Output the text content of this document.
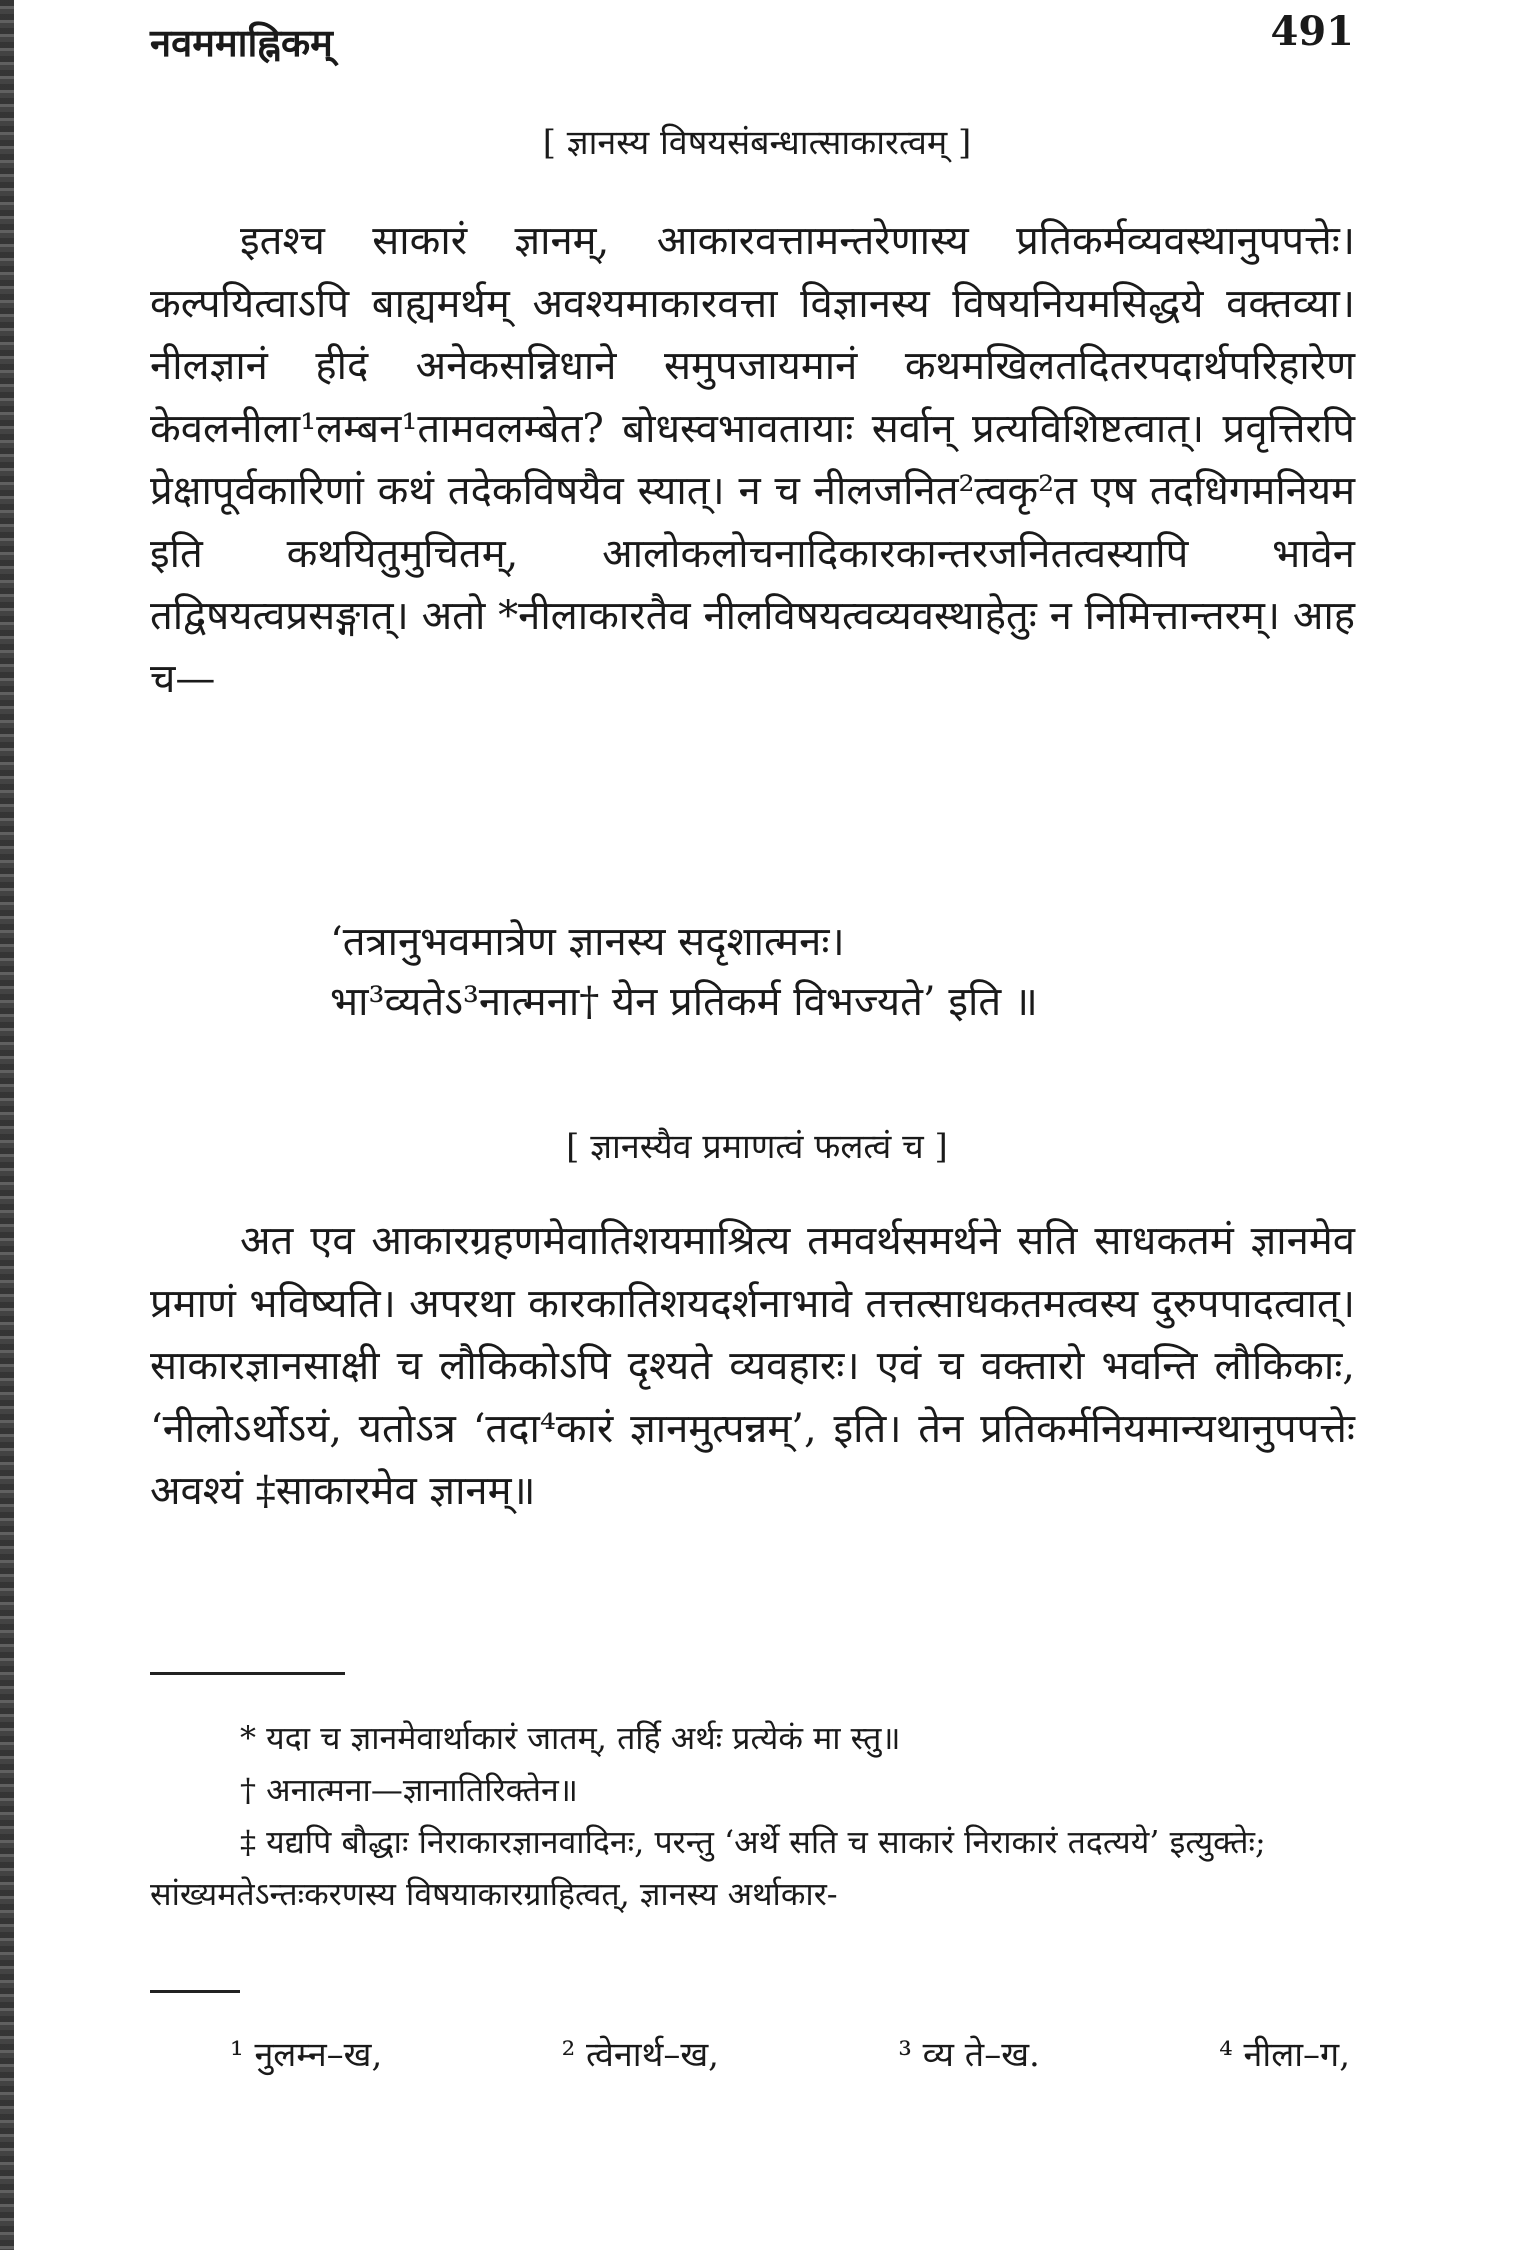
नवममाह्निकम्	491
[ ज्ञानस्य विषयसंबन्धात्साकारत्वम् ]

इतश्च साकारं ज्ञानम्, आकारवत्तामन्तरेणास्य प्रतिकर्मव्यवस्थानुपपत्तेः। कल्पयित्वाऽपि बाह्यमर्थम् अवश्यमाकारवत्ता विज्ञानस्य विषयनियमसिद्धये वक्तव्या। नीलज्ञानं हीदं अनेकसन्निधाने समुपजायमानं कथमखिलतदितरपदार्थपरिहारेण केवलनीला¹लम्बन¹तामवलम्बेत? बोधस्वभावतायाः सर्वान् प्रत्यविशिष्टत्वात्। प्रवृत्तिरपि प्रेक्षापूर्वकारिणां कथं तदेकविषयैव स्यात्। न च नीलजनित²त्वकृ²त एष तदधिगमनियम इति कथयितुमुचितम्, आलोकलोचनादिकारकान्तरजनितत्वस्यापि भावेन तद्विषयत्वप्रसङ्गात्। अतो *नीलाकारतैव नीलविषयत्वव्यवस्थाहेतुः न निमित्तान्तरम्। आह च—

‘तत्रानुभवमात्रेण ज्ञानस्य सदृशात्मनः।
भा³व्यतेऽ³नात्मना† येन प्रतिकर्म विभज्यते’ इति ॥
[ ज्ञानस्यैव प्रमाणत्वं फलत्वं च ]

अत एव आकारग्रहणमेवातिशयमाश्रित्य तमवर्थसमर्थने सति साधकतमं ज्ञानमेव प्रमाणं भविष्यति। अपरथा कारकातिशयदर्शनाभावे तत्तत्साधकतमत्वस्य दुरुपपादत्वात्। साकारज्ञानसाक्षी च लौकिकोऽपि दृश्यते व्यवहारः। एवं च वक्तारो भवन्ति लौकिकाः, ‘नीलोऽर्थोऽयं, यतोऽत्र ‘तदा⁴कारं ज्ञानमुत्पन्नम्’, इति। तेन प्रतिकर्मनियमान्यथानुपपत्तेः अवश्यं ‡साकारमेव ज्ञानम्॥

* यदा च ज्ञानमेवार्थाकारं जातम्, तर्हि अर्थः प्रत्येकं मा स्तु॥

† अनात्मना—ज्ञानातिरिक्तेन॥

‡ यद्यपि बौद्धाः निराकारज्ञानवादिनः, परन्तु ‘अर्थे सति च साकारं निराकारं तदत्यये’ इत्युक्तेः; सांख्यमतेऽन्तःकरणस्य विषयाकारग्राहित्वत्, ज्ञानस्य अर्थाकार-

¹ नुलम्न–ख,	² त्वेनार्थ–ख,	³ व्य ते–ख.	⁴ नीला–ग,
